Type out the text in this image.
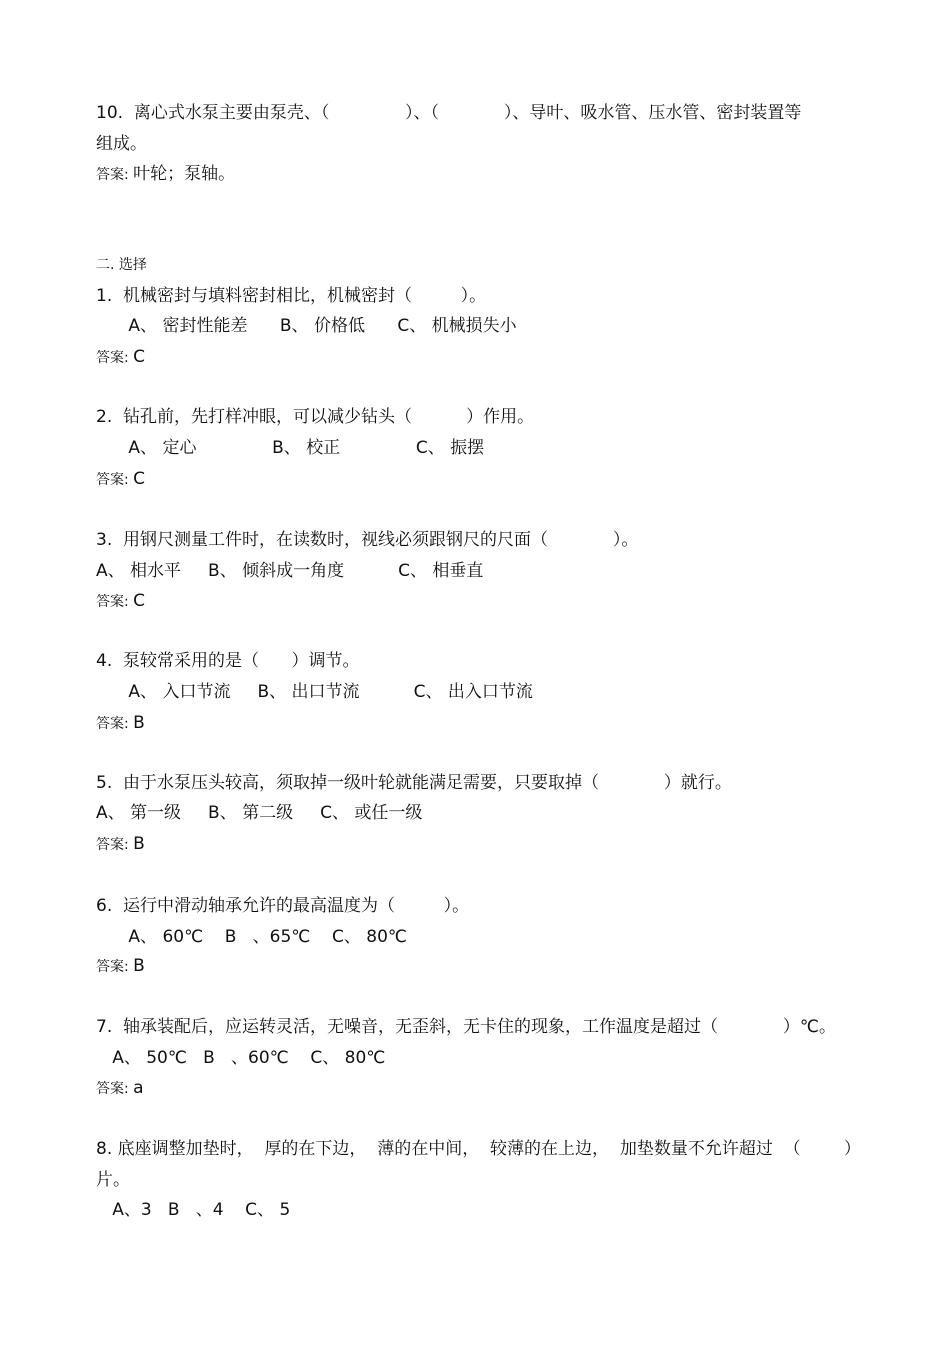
10.  离心式水泵主要由泵壳、（              ）、（            ）、导叶、吸水管、压水管、密封装置等
组成。
答案: 叶轮；泵轴。
二. 选择
1.  机械密封与填料密封相比，机械密封（         ）。
A、 密封性能差      B、 价格低      C、 机械损失小
答案: C
2.  钻孔前，先打样冲眼，可以减少钻头（          ）作用。
A、 定心              B、 校正              C、 振摆
答案: C
3.  用钢尺测量工件时，在读数时，视线必须跟钢尺的尺面（            ）。
A、 相水平     B、 倾斜成一角度          C、 相垂直
答案: C
4.  泵较常采用的是（      ）调节。
A、 入口节流     B、 出口节流          C、 出入口节流
答案: B
5.  由于水泵压头较高，须取掉一级叶轮就能满足需要，只要取掉（            ）就行。
A、 第一级     B、 第二级     C、 或任一级
答案: B
6.  运行中滑动轴承允许的最高温度为（         ）。
A、 60℃    B   、65℃    C、 80℃
答案: B
7.  轴承装配后，应运转灵活，无噪音，无歪斜，无卡住的现象，工作温度是超过（            ）℃。
A、 50℃   B   、60℃    C、 80℃
答案: a
8. 底座调整加垫时，  厚的在下边，  薄的在中间，  较薄的在上边，  加垫数量不允许超过  （        ）
片。
A、3   B   、4    C、 5
